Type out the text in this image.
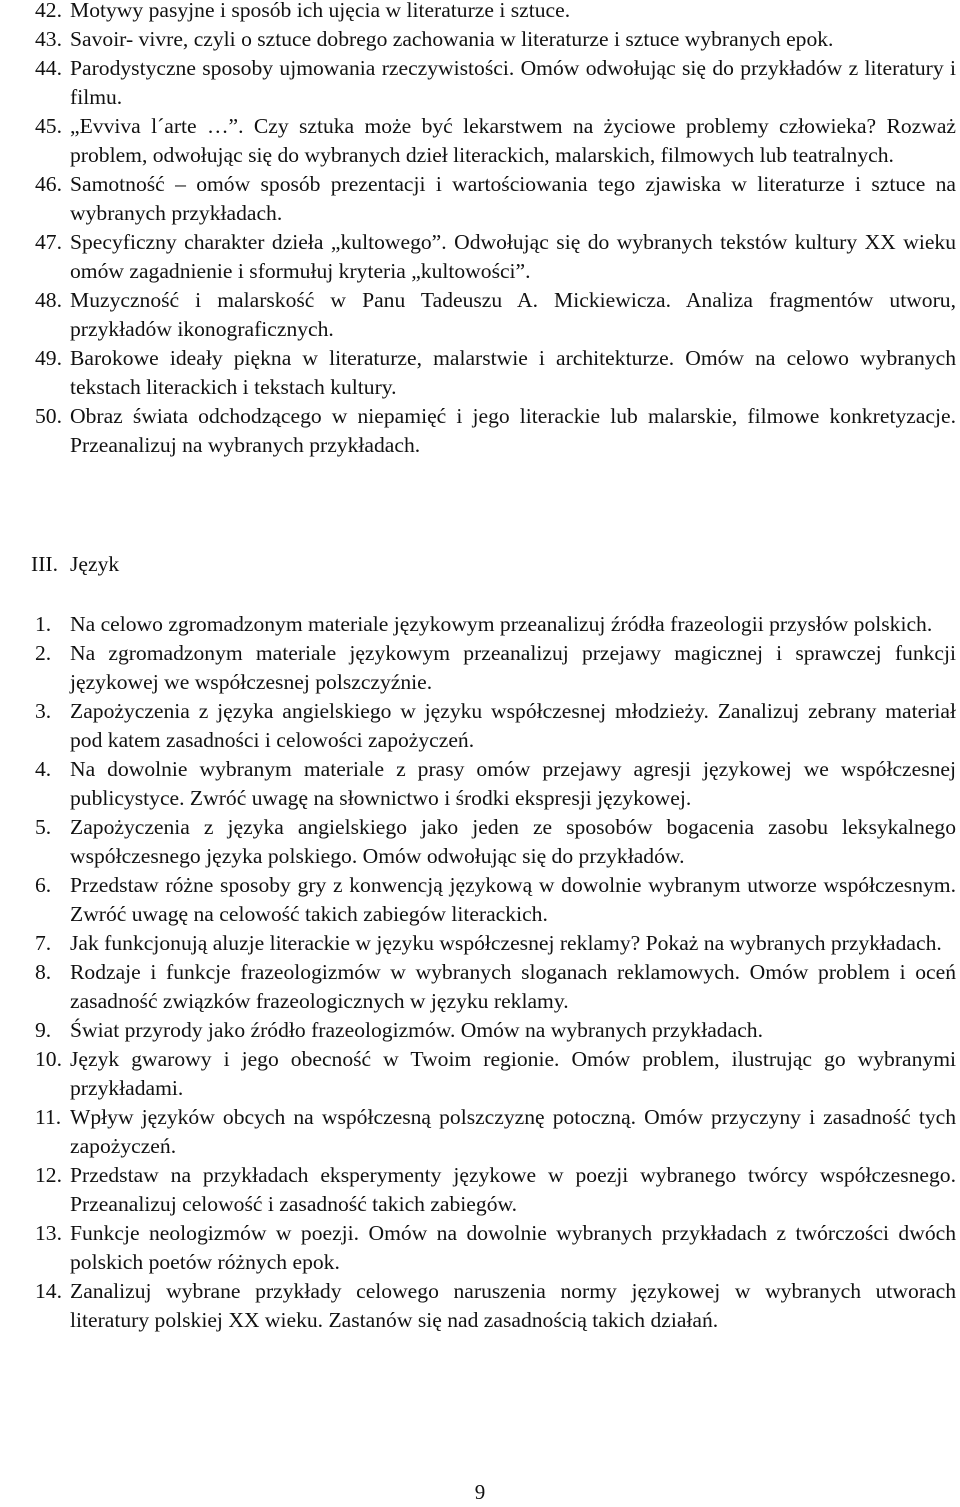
42. Motywy pasyjne i sposób ich ujęcia w literaturze i sztuce.
43. Savoir- vivre, czyli o sztuce dobrego zachowania w literaturze i sztuce wybranych epok.
44. Parodystyczne sposoby ujmowania rzeczywistości. Omów odwołując się do przykładów z literatury i filmu.
45. „Evviva l´arte …”. Czy sztuka może być lekarstwem na życiowe problemy człowieka? Rozważ problem, odwołując się do wybranych dzieł literackich, malarskich, filmowych lub teatralnych.
46. Samotność – omów sposób prezentacji i wartościowania tego zjawiska w literaturze i sztuce na wybranych przykładach.
47. Specyficzny charakter dzieła „kultowego”. Odwołując się do wybranych tekstów kultury XX wieku omów zagadnienie i sformułuj kryteria „kultowości”.
48. Muzyczność i malarskość w Panu Tadeuszu A. Mickiewicza. Analiza fragmentów utworu, przykładów ikonograficznych.
49. Barokowe ideały piękna w literaturze, malarstwie i architekturze. Omów na celowo wybranych tekstach literackich i tekstach kultury.
50. Obraz świata odchodzącego w niepamięć i jego literackie lub malarskie, filmowe konkretyzacje. Przeanalizuj na wybranych przykładach.
III. Język
1. Na celowo zgromadzonym materiale językowym przeanalizuj źródła frazeologii przysłów polskich.
2. Na zgromadzonym materiale językowym przeanalizuj przejawy magicznej i sprawczej funkcji językowej we współczesnej polszczyźnie.
3. Zapożyczenia z języka angielskiego w języku współczesnej młodzieży. Zanalizuj zebrany materiał pod katem zasadności i celowości zapożyczeń.
4. Na dowolnie wybranym materiale z prasy omów przejawy agresji językowej we współczesnej publicystyce. Zwróć uwagę na słownictwo i środki ekspresji językowej.
5. Zapożyczenia z języka angielskiego jako jeden ze sposobów bogacenia zasobu leksykalnego współczesnego języka polskiego. Omów odwołując się do przykładów.
6. Przedstaw różne sposoby gry z konwencją językową w dowolnie wybranym utworze współczesnym. Zwróć uwagę na celowość takich zabiegów literackich.
7. Jak funkcjonują aluzje literackie w języku współczesnej reklamy? Pokaż na wybranych przykładach.
8. Rodzaje i funkcje frazeologizmów w wybranych sloganach reklamowych. Omów problem i oceń zasadność związków frazeologicznych w języku reklamy.
9. Świat przyrody jako źródło frazeologizmów. Omów na wybranych przykładach.
10. Język gwarowy i jego obecność w Twoim regionie. Omów problem, ilustrując go wybranymi przykładami.
11. Wpływ języków obcych na współczesną polszczyznę potoczną. Omów przyczyny i zasadność tych zapożyczeń.
12. Przedstaw na przykładach eksperymenty językowe w poezji wybranego twórcy współczesnego. Przeanalizuj celowość i zasadność takich zabiegów.
13. Funkcje neologizmów w poezji. Omów na dowolnie wybranych przykładach z twórczości dwóch polskich poetów różnych epok.
14. Zanalizuj wybrane przykłady celowego naruszenia normy językowej w wybranych utworach literatury polskiej XX wieku. Zastanów się nad zasadnością takich działań.
9
